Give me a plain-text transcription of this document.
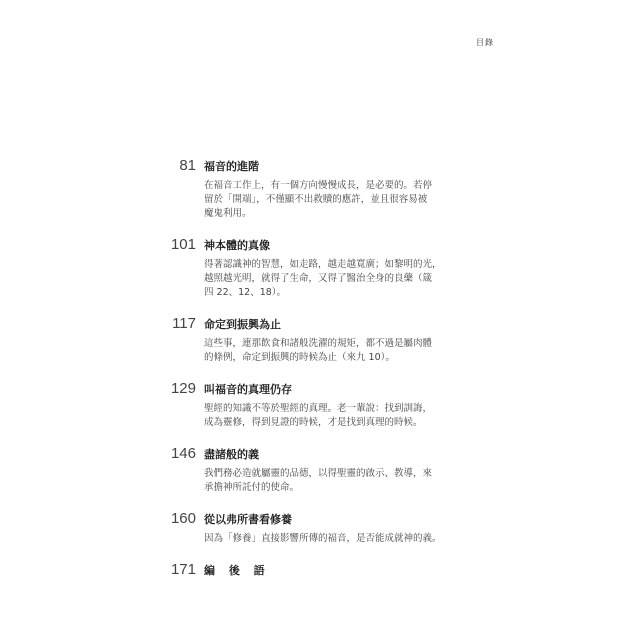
目錄
81 福音的進階
在福音工作上，有一個方向慢慢成長，是必要的。若停
留於「開端」，不僅顯不出救贖的應許，並且很容易被
魔鬼利用。
101 神本體的真像
得著認識神的智慧，如走路，越走越寬廣；如黎明的光，
越照越光明，就得了生命，又得了醫治全身的良藥（箴
四 22、12、18）。
117 命定到振興為止
這些事，連那飲食和諸般洗濯的規矩，都不過是屬肉體
的條例，命定到振興的時候為止（來九 10）。
129 叫福音的真理仍存
聖經的知識不等於聖經的真理。老一輩說：找到訓誨，
成為靈修，得到見證的時候，才是找到真理的時候。
146 盡諸般的義
我們務必造就屬靈的品德，以得聖靈的啟示、教導，來
承擔神所託付的使命。
160 從以弗所書看修養
因為「修養」直接影響所傳的福音，是否能成就神的義。
171 編 後 語
